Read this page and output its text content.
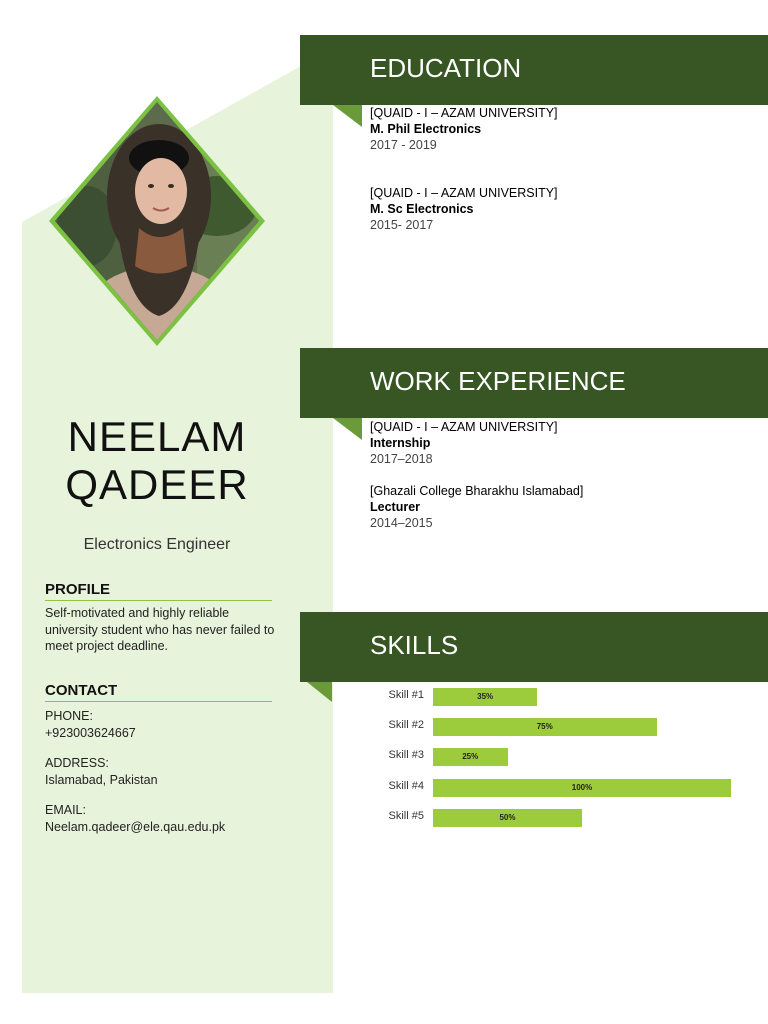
NEELAM
QADEER
Electronics Engineer
PROFILE
Self-motivated and highly reliable university student who has never failed to meet project deadline.
CONTACT
PHONE:
+923003624667
ADDRESS:
Islamabad, Pakistan
EMAIL:
Neelam.qadeer@ele.qau.edu.pk
EDUCATION
[QUAID - I – AZAM UNIVERSITY]
M. Phil Electronics
2017 - 2019
[QUAID - I – AZAM UNIVERSITY]
M. Sc Electronics
2015- 2017
WORK EXPERIENCE
[QUAID - I – AZAM UNIVERSITY]
Internship
2017–2018
[Ghazali College Bharakhu Islamabad]
Lecturer
2014–2015
SKILLS
Skill #1	35%
Skill #2	75%
Skill #3	25%
Skill #4	100%
Skill #5	50%
